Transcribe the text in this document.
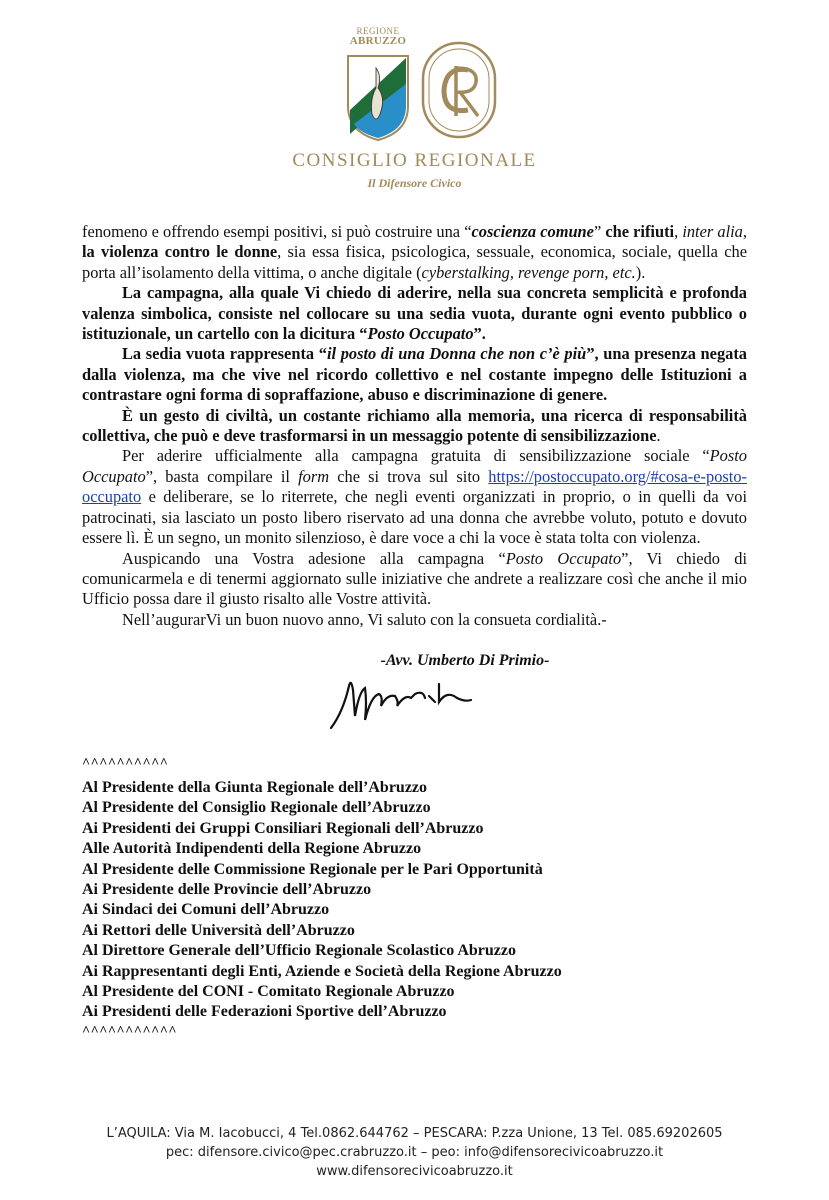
REGIONE
ABRUZZO
CONSIGLIO REGIONALE
Il Difensore Civico

fenomeno e offrendo esempi positivi, si può costruire una “coscienza comune” che rifiuti, inter alia, la violenza contro le donne, sia essa fisica, psicologica, sessuale, economica, sociale, quella che porta all’isolamento della vittima, o anche digitale (cyberstalking, revenge porn, etc.).

La campagna, alla quale Vi chiedo di aderire, nella sua concreta semplicità e profonda valenza simbolica, consiste nel collocare su una sedia vuota, durante ogni evento pubblico o istituzionale, un cartello con la dicitura “Posto Occupato”.

La sedia vuota rappresenta “il posto di una Donna che non c’è più”, una presenza negata dalla violenza, ma che vive nel ricordo collettivo e nel costante impegno delle Istituzioni a contrastare ogni forma di sopraffazione, abuso e discriminazione di genere.

È un gesto di civiltà, un costante richiamo alla memoria, una ricerca di responsabilità collettiva, che può e deve trasformarsi in un messaggio potente di sensibilizzazione.

Per aderire ufficialmente alla campagna gratuita di sensibilizzazione sociale “Posto Occupato”, basta compilare il form che si trova sul sito https://postoccupato.org/#cosa-e-posto-occupato e deliberare, se lo riterrete, che negli eventi organizzati in proprio, o in quelli da voi patrocinati, sia lasciato un posto libero riservato ad una donna che avrebbe voluto, potuto e dovuto essere lì. È un segno, un monito silenzioso, è dare voce a chi la voce è stata tolta con violenza.

Auspicando una Vostra adesione alla campagna “Posto Occupato”, Vi chiedo di comunicarmela e di tenermi aggiornato sulle iniziative che andrete a realizzare così che anche il mio Ufficio possa dare il giusto risalto alle Vostre attività.

Nell’augurarVi un buon nuovo anno, Vi saluto con la consueta cordialità.-

-Avv. Umberto Di Primio-
^^^^^^^^^^
Al Presidente della Giunta Regionale dell’Abruzzo
Al Presidente del Consiglio Regionale dell’Abruzzo
Ai Presidenti dei Gruppi Consiliari Regionali dell’Abruzzo
Alle Autorità Indipendenti della Regione Abruzzo
Al Presidente delle Commissione Regionale per le Pari Opportunità
Ai Presidente delle Provincie dell’Abruzzo
Ai Sindaci dei Comuni dell’Abruzzo
Ai Rettori delle Università dell’Abruzzo
Al Direttore Generale dell’Ufficio Regionale Scolastico Abruzzo
Ai Rappresentanti degli Enti, Aziende e Società della Regione Abruzzo
Al Presidente del CONI - Comitato Regionale Abruzzo
Ai Presidenti delle Federazioni Sportive dell’Abruzzo
^^^^^^^^^^^
L’AQUILA: Via M. Iacobucci, 4 Tel.0862.644762 – PESCARA: P.zza Unione, 13 Tel. 085.69202605
pec: difensore.civico@pec.crabruzzo.it – peo: info@difensorecivicoabruzzo.it
www.difensorecivicoabruzzo.it
